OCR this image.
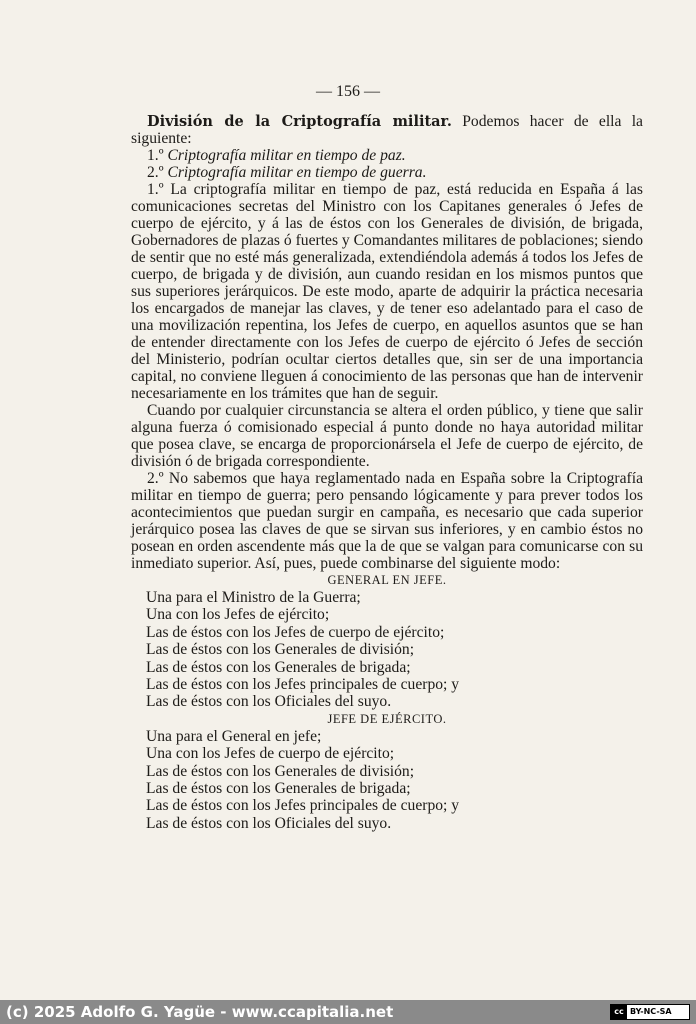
— 156 —

División de la Criptografía militar. Podemos hacer de ella la siguiente:

1.º Criptografía militar en tiempo de paz.

2.º Criptografía militar en tiempo de guerra.

1.º La criptografía militar en tiempo de paz, está reducida en España á las comunicaciones secretas del Ministro con los Capitanes generales ó Jefes de cuerpo de ejército, y á las de éstos con los Generales de división, de brigada, Gobernadores de plazas ó fuertes y Comandantes militares de poblaciones; siendo de sentir que no esté más generalizada, extendiéndola además á todos los Jefes de cuerpo, de brigada y de división, aun cuando residan en los mismos puntos que sus superiores jerárquicos. De este modo, aparte de adquirir la práctica necesaria los encargados de manejar las claves, y de tener eso adelantado para el caso de una movilización repentina, los Jefes de cuerpo, en aquellos asuntos que se han de entender directamente con los Jefes de cuerpo de ejército ó Jefes de sección del Ministerio, podrían ocultar ciertos detalles que, sin ser de una importancia capital, no conviene lleguen á conocimiento de las personas que han de intervenir necesariamente en los trámites que han de seguir.

Cuando por cualquier circunstancia se altera el orden público, y tiene que salir alguna fuerza ó comisionado especial á punto donde no haya autoridad militar que posea clave, se encarga de proporcionársela el Jefe de cuerpo de ejército, de división ó de brigada correspondiente.

2.º No sabemos que haya reglamentado nada en España sobre la Criptografía militar en tiempo de guerra; pero pensando lógicamente y para prever todos los acontecimientos que puedan surgir en campaña, es necesario que cada superior jerárquico posea las claves de que se sirvan sus inferiores, y en cambio éstos no posean en orden ascendente más que la de que se valgan para comunicarse con su inmediato superior. Así, pues, puede combinarse del siguiente modo:

GENERAL EN JEFE.

Una para el Ministro de la Guerra;
Una con los Jefes de ejército;
Las de éstos con los Jefes de cuerpo de ejército;
Las de éstos con los Generales de división;
Las de éstos con los Generales de brigada;
Las de éstos con los Jefes principales de cuerpo; y
Las de éstos con los Oficiales del suyo.

JEFE DE EJÉRCITO.

Una para el General en jefe;
Una con los Jefes de cuerpo de ejército;
Las de éstos con los Generales de división;
Las de éstos con los Generales de brigada;
Las de éstos con los Jefes principales de cuerpo; y
Las de éstos con los Oficiales del suyo.
(c) 2025 Adolfo G. Yagüe - www.ccapitalia.net	cc BY-NC-SA
